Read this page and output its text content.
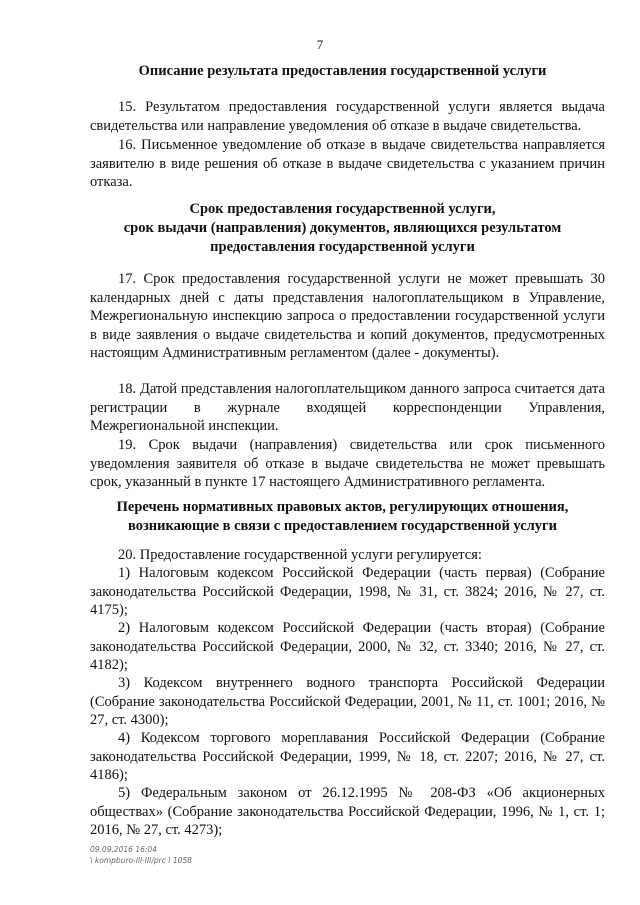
7
Описание результата предоставления государственной услуги
15. Результатом предоставления государственной услуги является выдача свидетельства или направление уведомления об отказе в выдаче свидетельства.
16. Письменное уведомление об отказе в выдаче свидетельства направляется заявителю в виде решения об отказе в выдаче свидетельства с указанием причин отказа.
Срок предоставления государственной услуги,
срок выдачи (направления) документов, являющихся результатом
предоставления государственной услуги
17. Срок предоставления государственной услуги не может превышать 30 календарных дней с даты представления налогоплательщиком в Управление, Межрегиональную инспекцию запроса о предоставлении государственной услуги в виде заявления о выдаче свидетельства и копий документов, предусмотренных настоящим Административным регламентом (далее - документы).
18. Датой представления налогоплательщиком данного запроса считается дата регистрации в журнале входящей корреспонденции Управления, Межрегиональной инспекции.
19. Срок выдачи (направления) свидетельства или срок письменного уведомления заявителя об отказе в выдаче свидетельства не может превышать срок, указанный в пункте 17 настоящего Административного регламента.
Перечень нормативных правовых актов, регулирующих отношения,
возникающие в связи с предоставлением государственной услуги
20. Предоставление государственной услуги регулируется:
1) Налоговым кодексом Российской Федерации (часть первая) (Собрание законодательства Российской Федерации, 1998, № 31, ст. 3824; 2016, № 27, ст. 4175);
2) Налоговым кодексом Российской Федерации (часть вторая) (Собрание законодательства Российской Федерации, 2000, № 32, ст. 3340; 2016, № 27, ст. 4182);
3) Кодексом внутреннего водного транспорта Российской Федерации (Собрание законодательства Российской Федерации, 2001, № 11, ст. 1001; 2016, № 27, ст. 4300);
4) Кодексом торгового мореплавания Российской Федерации (Собрание законодательства Российской Федерации, 1999, № 18, ст. 2207; 2016, № 27, ст. 4186);
5) Федеральным законом от 26.12.1995 № 208-ФЗ «Об акционерных обществах» (Собрание законодательства Российской Федерации, 1996, № 1, ст. 1; 2016, № 27, ст. 4273);
09.09.2016 16:04
\ kompburo-lll-III/prc I 1058
